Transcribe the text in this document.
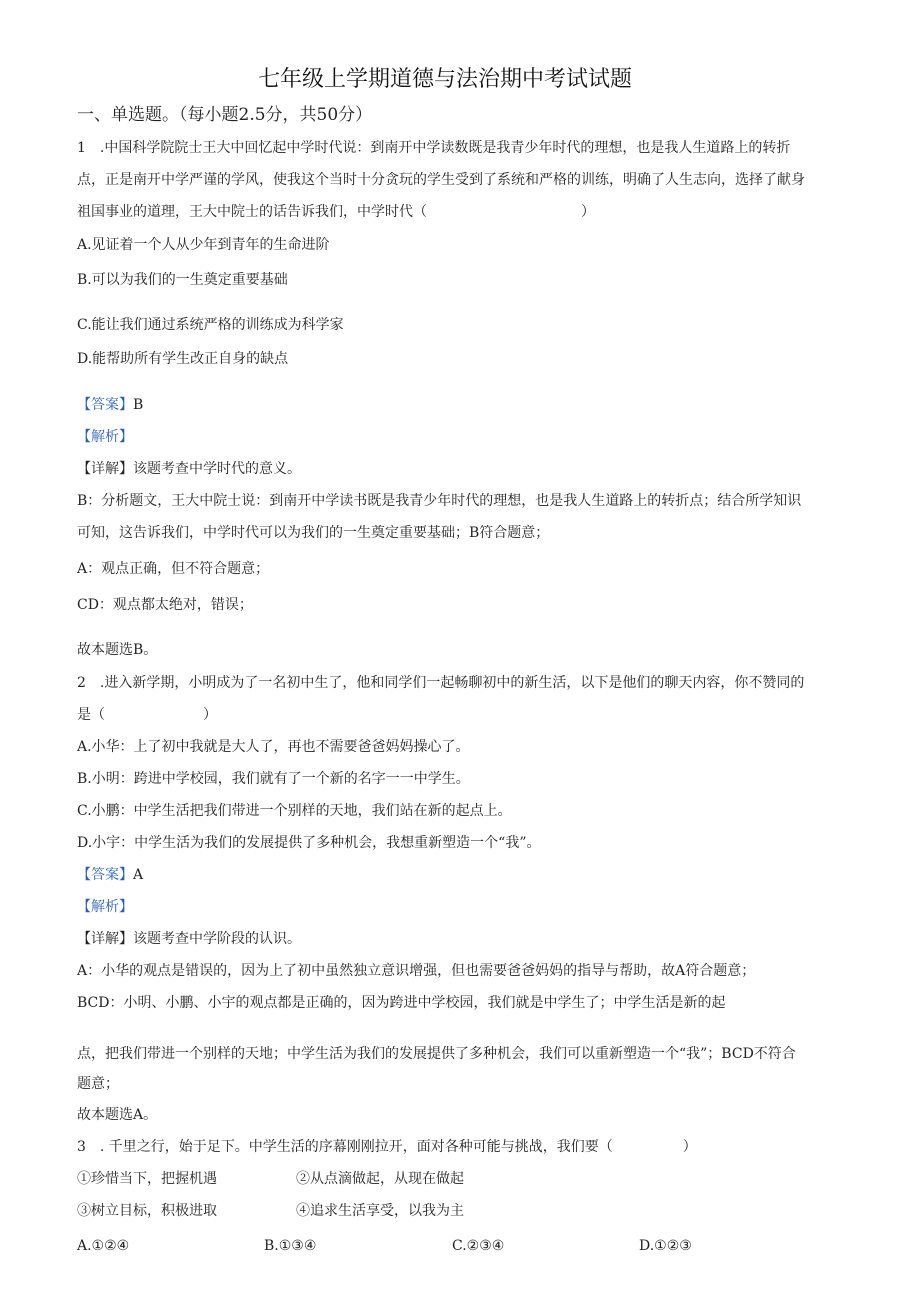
七年级上学期道德与法治期中考试试题
一、单选题。（每小题2.5分，共50分）
1　.中国科学院院士王大中回忆起中学时代说：到南开中学读数既是我青少年时代的理想，也是我人生道路上的转折
点，正是南开中学严谨的学风，使我这个当时十分贪玩的学生受到了系统和严格的训练，明确了人生志向，选择了献身
祖国事业的道理，王大中院士的话告诉我们，中学时代（　　　　　　　　　　　）
A.见证着一个人从少年到青年的生命进阶
B.可以为我们的一生奠定重要基础
C.能让我们通过系统严格的训练成为科学家
D.能帮助所有学生改正自身的缺点
【答案】B
【解析】
【详解】该题考查中学时代的意义。
B：分析题文，王大中院士说：到南开中学读书既是我青少年时代的理想，也是我人生道路上的转折点；结合所学知识
可知，这告诉我们，中学时代可以为我们的一生奠定重要基础；B符合题意；
A：观点正确，但不符合题意；
CD：观点都太绝对，错误；
故本题选B。
2　.进入新学期，小明成为了一名初中生了，他和同学们一起畅聊初中的新生活，以下是他们的聊天内容，你不赞同的
是（　　　　　　　）
A.小华：上了初中我就是大人了，再也不需要爸爸妈妈操心了。
B.小明：跨进中学校园，我们就有了一个新的名字一一中学生。
C.小鹏：中学生活把我们带进一个别样的天地，我们站在新的起点上。
D.小宇：中学生活为我们的发展提供了多种机会，我想重新塑造一个“我”。
【答案】A
【解析】
【详解】该题考查中学阶段的认识。
A：小华的观点是错误的，因为上了初中虽然独立意识增强，但也需要爸爸妈妈的指导与帮助，故A符合题意；
BCD：小明、小鹏、小宇的观点都是正确的，因为跨进中学校园，我们就是中学生了；中学生活是新的起
点，把我们带进一个别样的天地；中学生活为我们的发展提供了多种机会，我们可以重新塑造一个“我”；BCD不符合
题意；
故本题选A。
3　. 千里之行，始于足下。中学生活的序幕刚刚拉开，面对各种可能与挑战，我们要（　　　　　）
①珍惜当下，把握机遇	②从点滴做起，从现在做起
③树立目标，积极进取	④追求生活享受，以我为主
A.①②④	B.①③④	C.②③④	D.①②③
